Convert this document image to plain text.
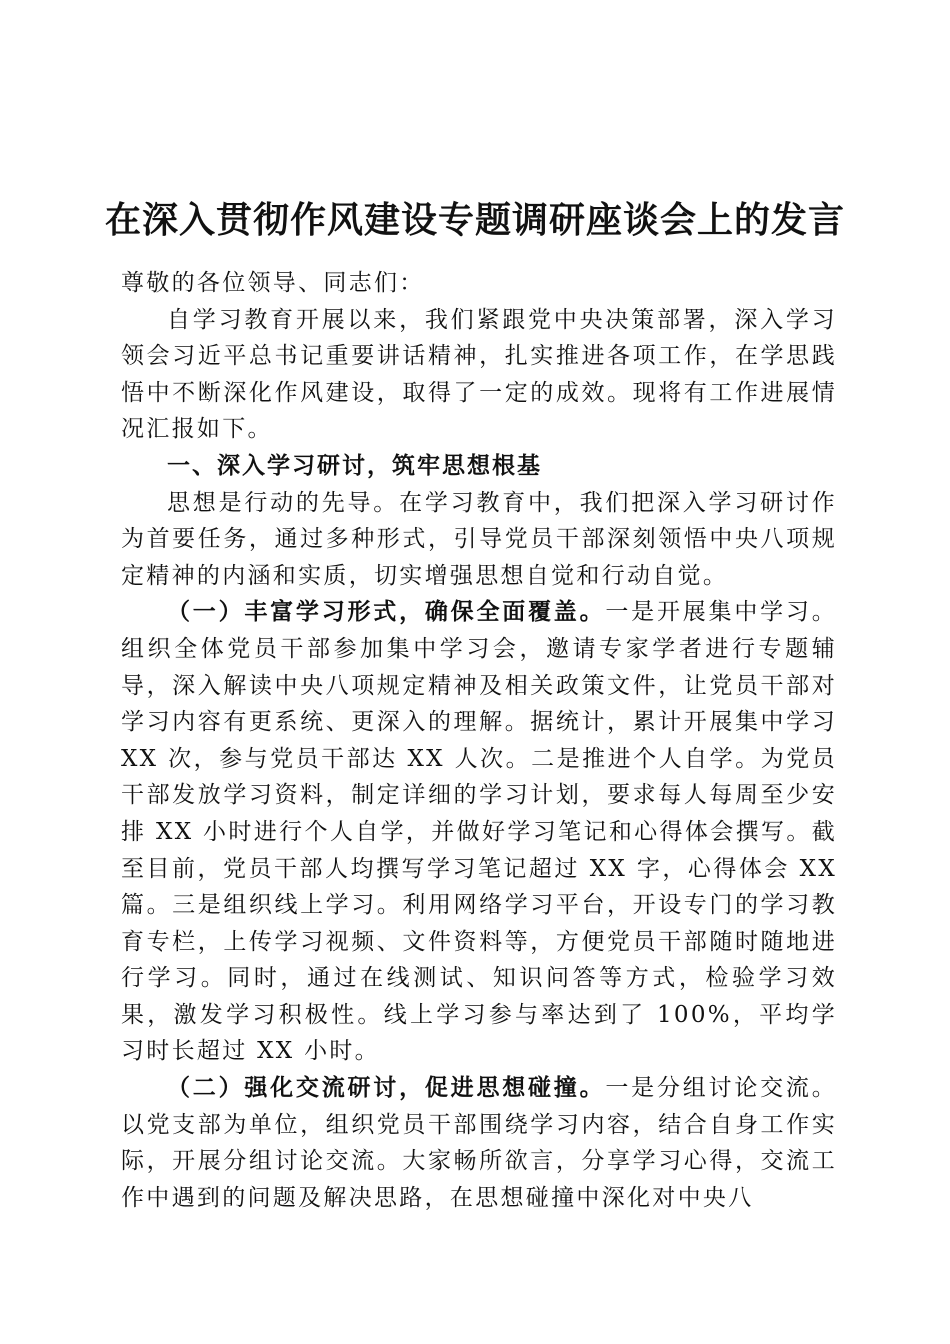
在深入贯彻作风建设专题调研座谈会上的发言

尊敬的各位领导、同志们：

自学习教育开展以来，我们紧跟党中央决策部署，深入学习领会习近平总书记重要讲话精神，扎实推进各项工作，在学思践悟中不断深化作风建设，取得了一定的成效。现将有工作进展情况汇报如下。

一、深入学习研讨，筑牢思想根基

思想是行动的先导。在学习教育中，我们把深入学习研讨作为首要任务，通过多种形式，引导党员干部深刻领悟中央八项规定精神的内涵和实质，切实增强思想自觉和行动自觉。

（一）丰富学习形式，确保全面覆盖。一是开展集中学习。组织全体党员干部参加集中学习会，邀请专家学者进行专题辅导，深入解读中央八项规定精神及相关政策文件，让党员干部对学习内容有更系统、更深入的理解。据统计，累计开展集中学习 XX 次，参与党员干部达 XX 人次。二是推进个人自学。为党员干部发放学习资料，制定详细的学习计划，要求每人每周至少安排 XX 小时进行个人自学，并做好学习笔记和心得体会撰写。截至目前，党员干部人均撰写学习笔记超过 XX 字，心得体会 XX 篇。三是组织线上学习。利用网络学习平台，开设专门的学习教育专栏，上传学习视频、文件资料等，方便党员干部随时随地进行学习。同时，通过在线测试、知识问答等方式，检验学习效果，激发学习积极性。线上学习参与率达到了 100%，平均学习时长超过 XX 小时。

（二）强化交流研讨，促进思想碰撞。一是分组讨论交流。以党支部为单位，组织党员干部围绕学习内容，结合自身工作实际，开展分组讨论交流。大家畅所欲言，分享学习心得，交流工作中遇到的问题及解决思路，在思想碰撞中深化对中央八
